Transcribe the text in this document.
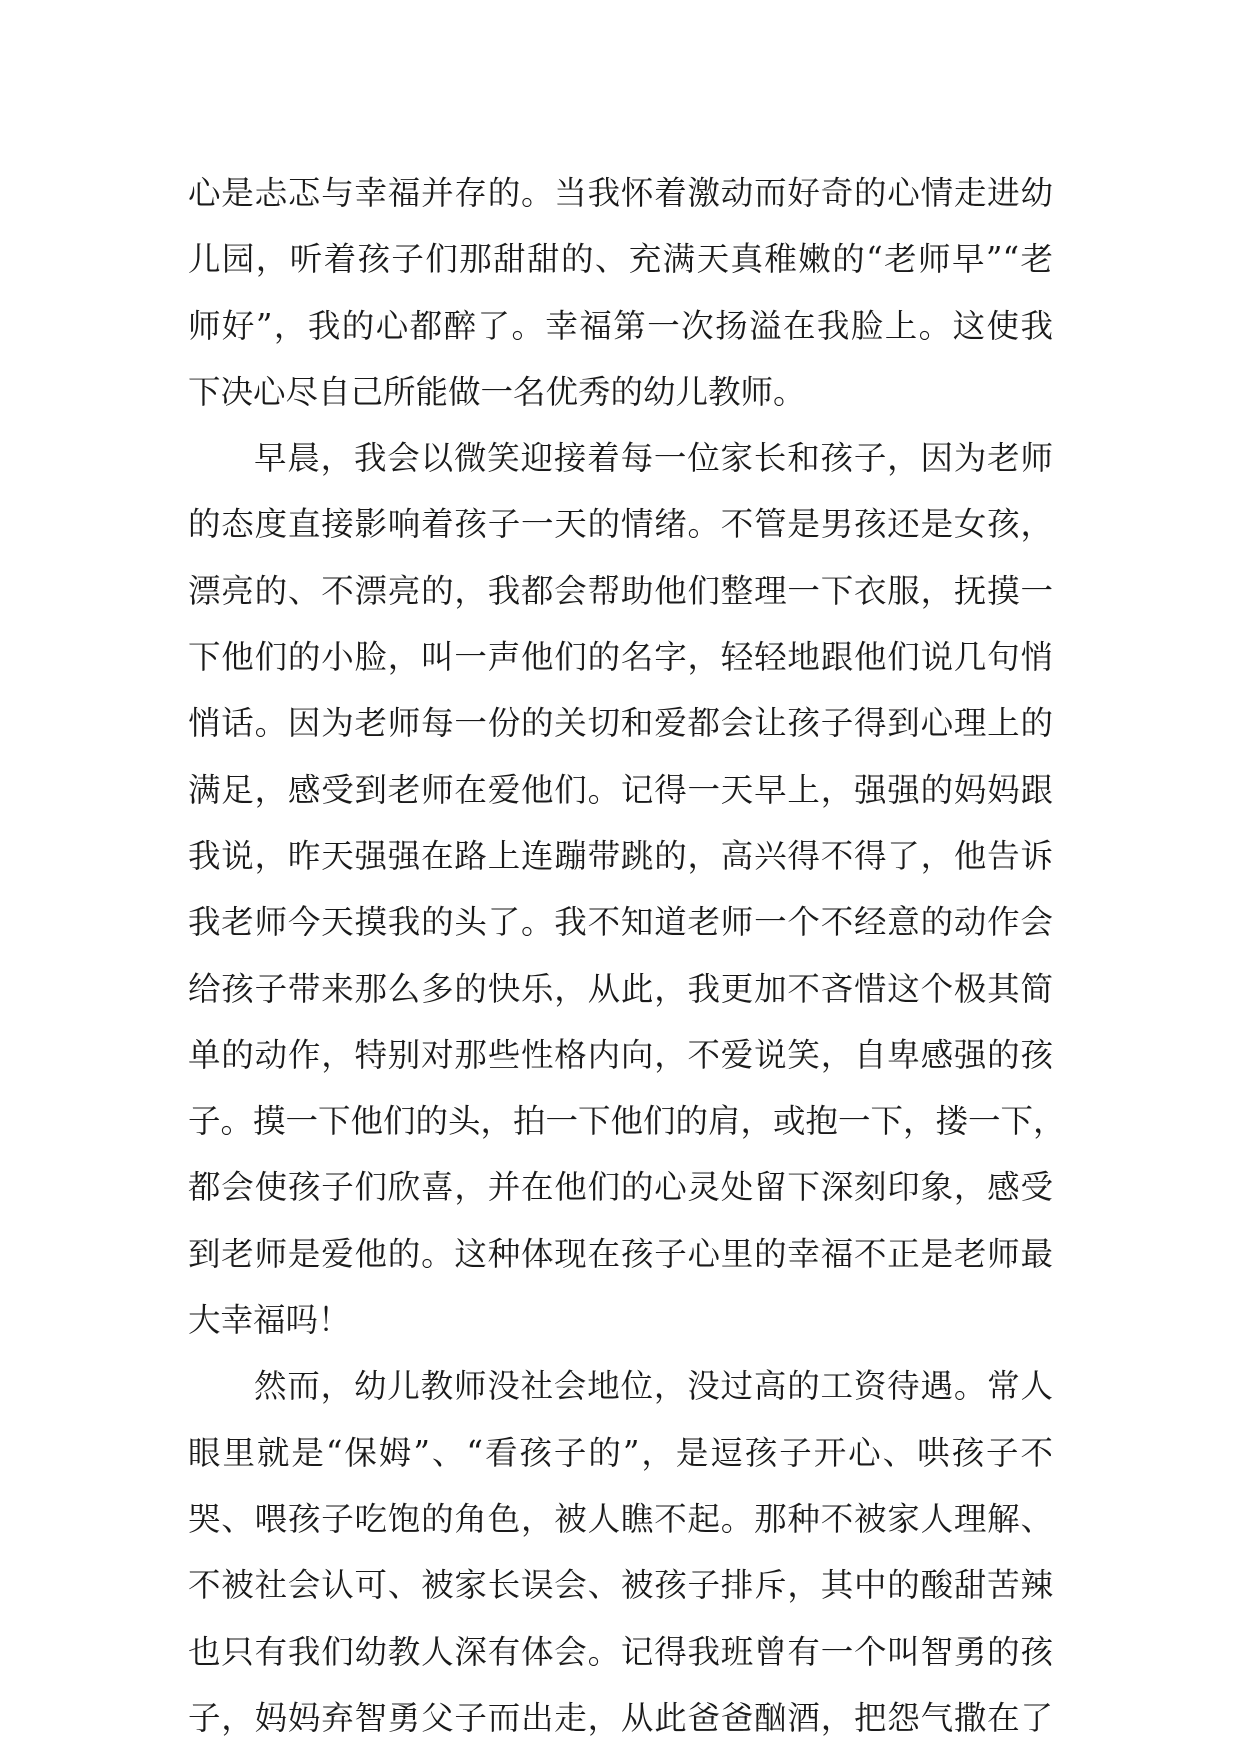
心是忐忑与幸福并存的。当我怀着激动而好奇的心情走进幼
儿园，听着孩子们那甜甜的、充满天真稚嫩的“老师早”“老
师好”，我的心都醉了。幸福第一次扬溢在我脸上。这使我
下决心尽自己所能做一名优秀的幼儿教师。
早晨，我会以微笑迎接着每一位家长和孩子，因为老师
的态度直接影响着孩子一天的情绪。不管是男孩还是女孩，
漂亮的、不漂亮的，我都会帮助他们整理一下衣服，抚摸一
下他们的小脸，叫一声他们的名字，轻轻地跟他们说几句悄
悄话。因为老师每一份的关切和爱都会让孩子得到心理上的
满足，感受到老师在爱他们。记得一天早上，强强的妈妈跟
我说，昨天强强在路上连蹦带跳的，高兴得不得了，他告诉
我老师今天摸我的头了。我不知道老师一个不经意的动作会
给孩子带来那么多的快乐，从此，我更加不吝惜这个极其简
单的动作，特别对那些性格内向，不爱说笑，自卑感强的孩
子。摸一下他们的头，拍一下他们的肩，或抱一下，搂一下，
都会使孩子们欣喜，并在他们的心灵处留下深刻印象，感受
到老师是爱他的。这种体现在孩子心里的幸福不正是老师最
大幸福吗！
然而，幼儿教师没社会地位，没过高的工资待遇。常人
眼里就是“保姆”、“看孩子的”，是逗孩子开心、哄孩子不
哭、喂孩子吃饱的角色，被人瞧不起。那种不被家人理解、
不被社会认可、被家长误会、被孩子排斥，其中的酸甜苦辣
也只有我们幼教人深有体会。记得我班曾有一个叫智勇的孩
子，妈妈弃智勇父子而出走，从此爸爸酗酒，把怨气撒在了
